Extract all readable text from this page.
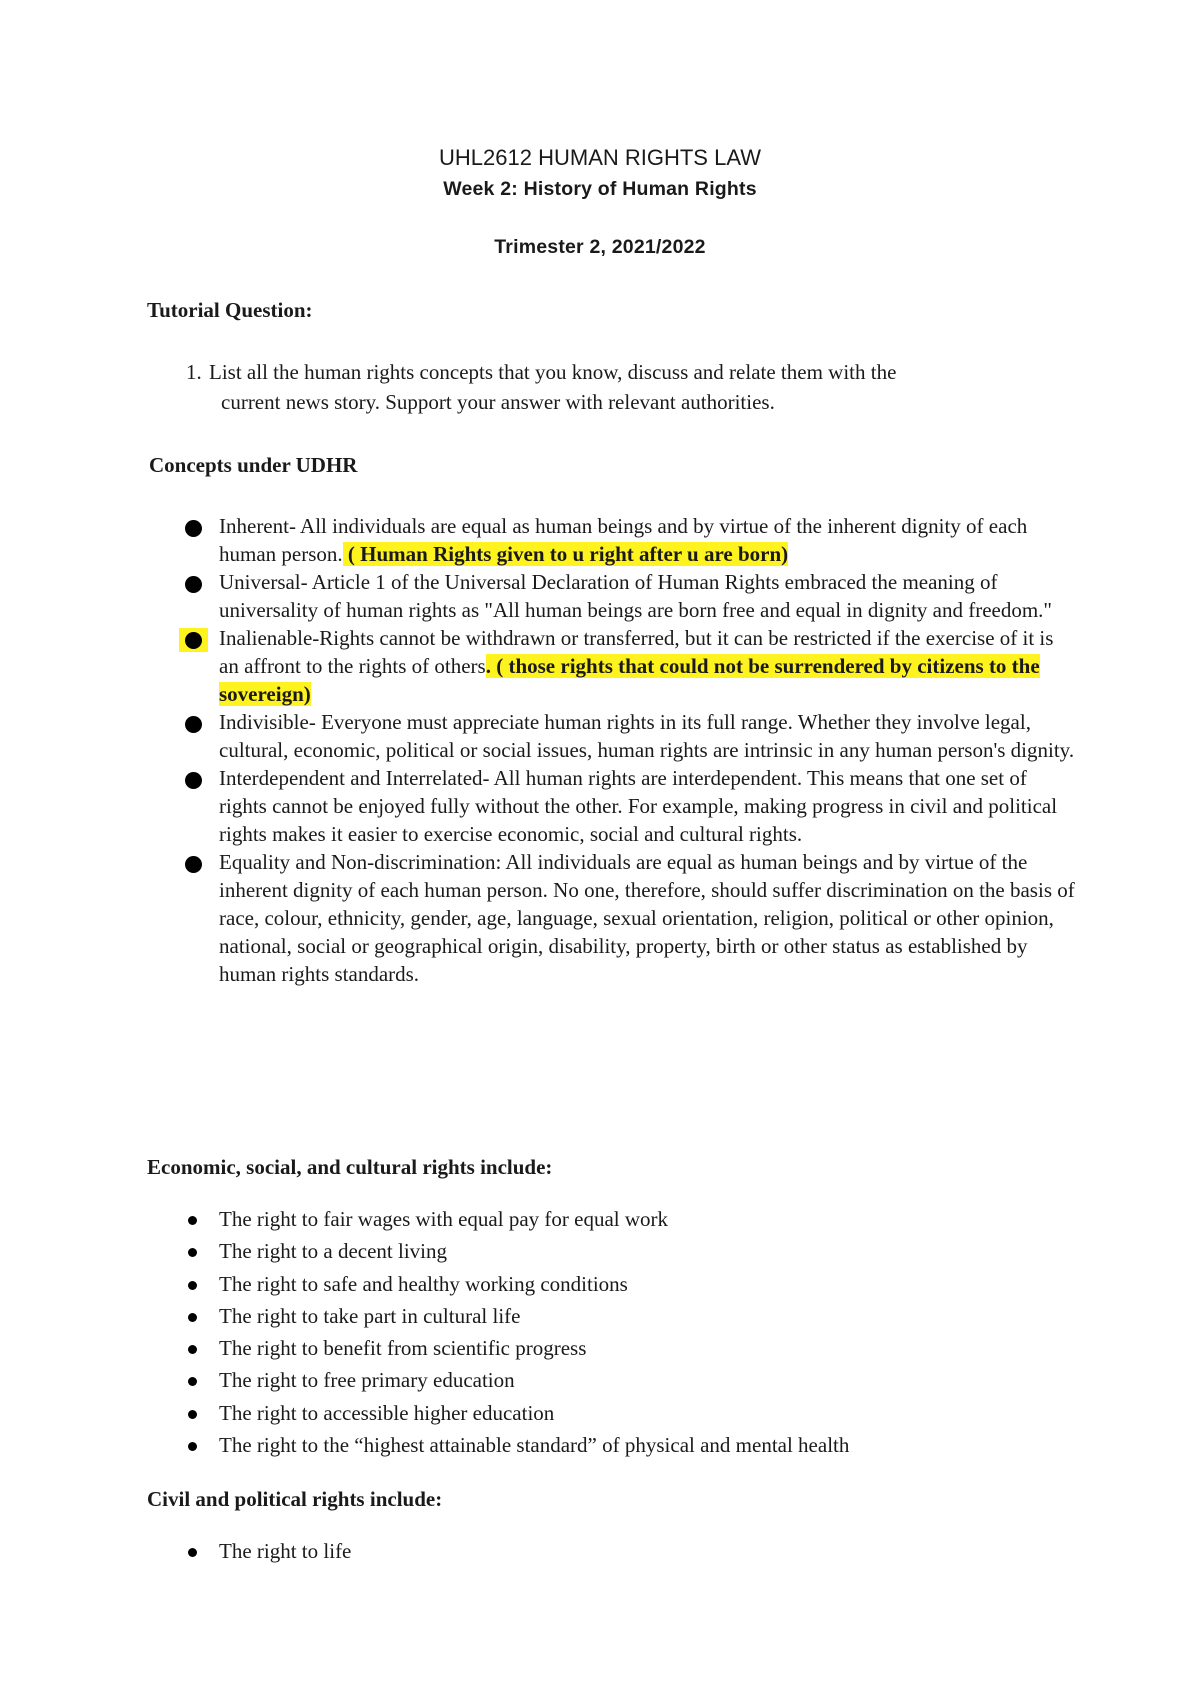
UHL2612 HUMAN RIGHTS LAW
Week 2: History of Human Rights
Trimester 2, 2021/2022
Tutorial Question:
1. List all the human rights concepts that you know, discuss and relate them with the
current news story. Support your answer with relevant authorities.
Concepts under UDHR
Inherent- All individuals are equal as human beings and by virtue of the inherent dignity of each human person. ( Human Rights given to u right after u are born)
Universal- Article 1 of the Universal Declaration of Human Rights embraced the meaning of universality of human rights as "All human beings are born free and equal in dignity and freedom."
Inalienable-Rights cannot be withdrawn or transferred, but it can be restricted if the exercise of it is an affront to the rights of others. ( those rights that could not be surrendered by citizens to the sovereign)
Indivisible- Everyone must appreciate human rights in its full range. Whether they involve legal, cultural, economic, political or social issues, human rights are intrinsic in any human person's dignity.
Interdependent and Interrelated- All human rights are interdependent. This means that one set of rights cannot be enjoyed fully without the other. For example, making progress in civil and political rights makes it easier to exercise economic, social and cultural rights.
Equality and Non-discrimination: All individuals are equal as human beings and by virtue of the inherent dignity of each human person. No one, therefore, should suffer discrimination on the basis of race, colour, ethnicity, gender, age, language, sexual orientation, religion, political or other opinion, national, social or geographical origin, disability, property, birth or other status as established by human rights standards.
Economic, social, and cultural rights include:
The right to fair wages with equal pay for equal work
The right to a decent living
The right to safe and healthy working conditions
The right to take part in cultural life
The right to benefit from scientific progress
The right to free primary education
The right to accessible higher education
The right to the “highest attainable standard” of physical and mental health
Civil and political rights include:
The right to life
